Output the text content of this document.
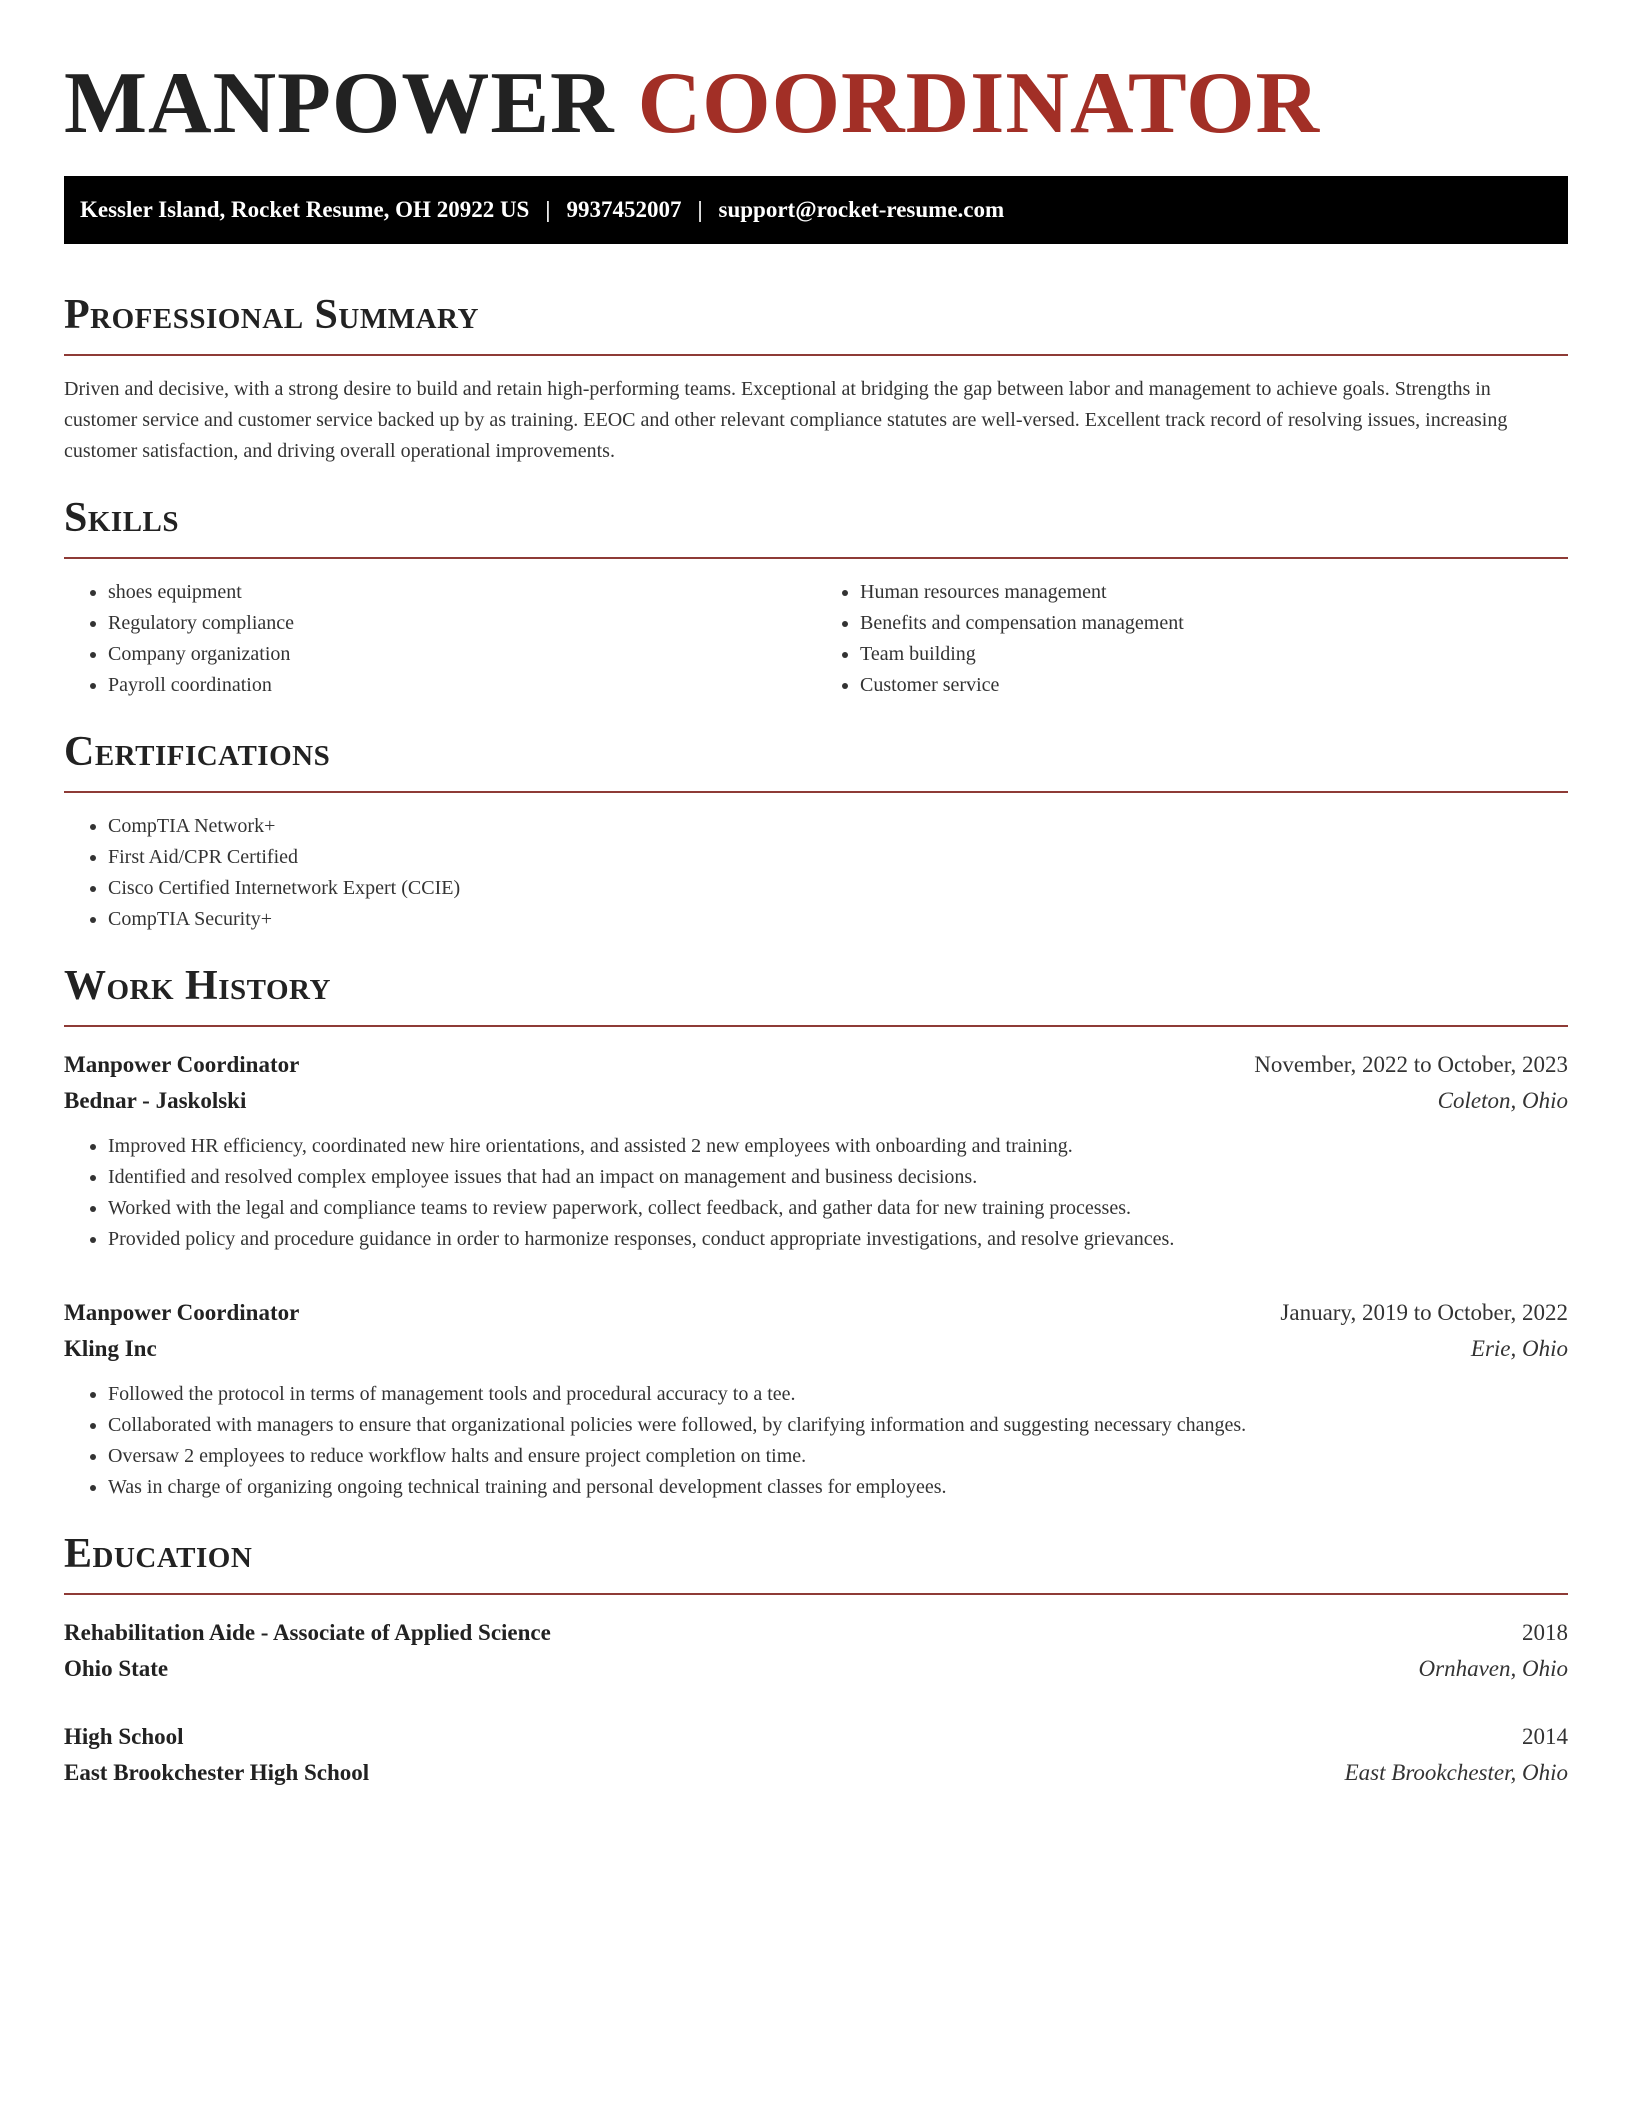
MANPOWER COORDINATOR
Kessler Island, Rocket Resume, OH 20922 US | 9937452007 | support@rocket-resume.com
Professional Summary

Driven and decisive, with a strong desire to build and retain high-performing teams. Exceptional at bridging the gap between labor and management to achieve goals. Strengths in customer service and customer service backed up by as training. EEOC and other relevant compliance statutes are well-versed. Excellent track record of resolving issues, increasing customer satisfaction, and driving overall operational improvements.

Skills
• shoes equipment
• Regulatory compliance
• Company organization
• Payroll coordination
• Human resources management
• Benefits and compensation management
• Team building
• Customer service
Certifications
• CompTIA Network+
• First Aid/CPR Certified
• Cisco Certified Internetwork Expert (CCIE)
• CompTIA Security+
Work History
Manpower Coordinator	November, 2022 to October, 2023
Bednar - Jaskolski	Coleton, Ohio
• Improved HR efficiency, coordinated new hire orientations, and assisted 2 new employees with onboarding and training.
• Identified and resolved complex employee issues that had an impact on management and business decisions.
• Worked with the legal and compliance teams to review paperwork, collect feedback, and gather data for new training processes.
• Provided policy and procedure guidance in order to harmonize responses, conduct appropriate investigations, and resolve grievances.
Manpower Coordinator	January, 2019 to October, 2022
Kling Inc	Erie, Ohio
• Followed the protocol in terms of management tools and procedural accuracy to a tee.
• Collaborated with managers to ensure that organizational policies were followed, by clarifying information and suggesting necessary changes.
• Oversaw 2 employees to reduce workflow halts and ensure project completion on time.
• Was in charge of organizing ongoing technical training and personal development classes for employees.
Education
Rehabilitation Aide - Associate of Applied Science	2018
Ohio State	Ornhaven, Ohio
High School	2014
East Brookchester High School	East Brookchester, Ohio
